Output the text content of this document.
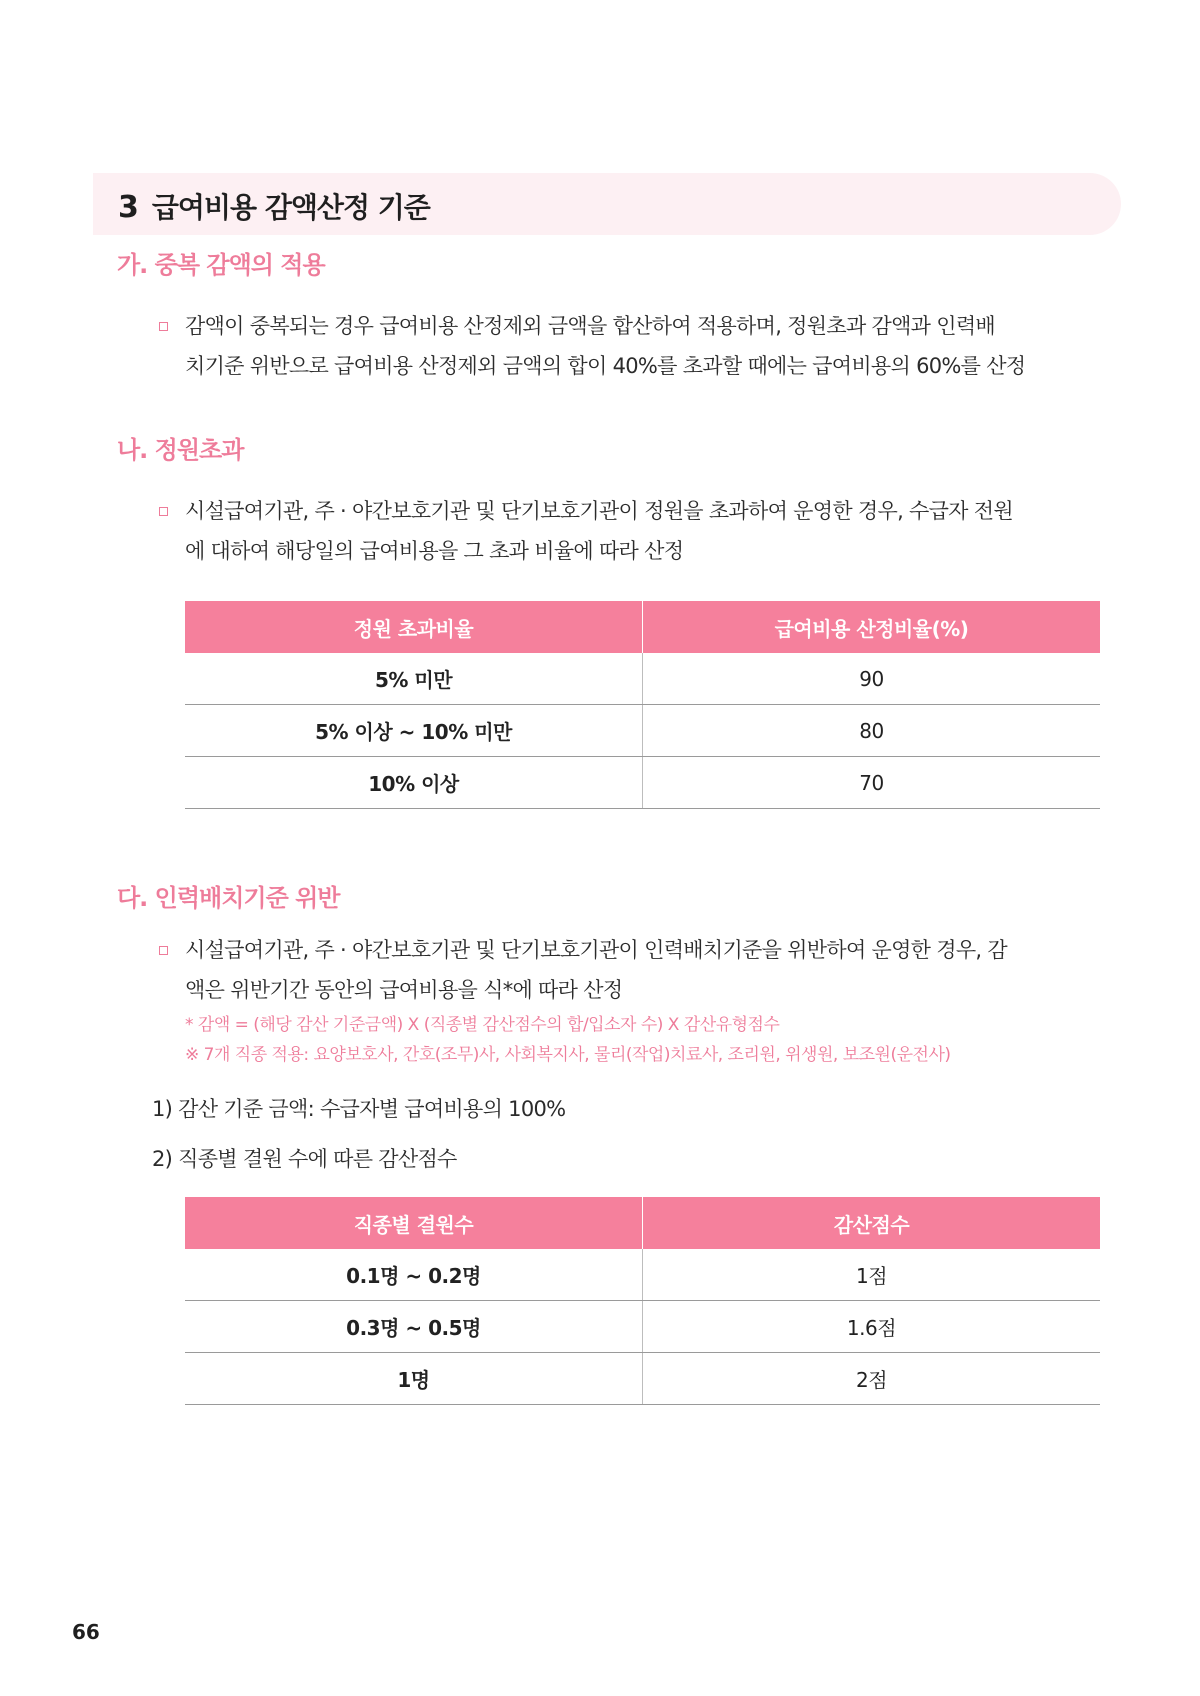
3 급여비용 감액산정 기준
가. 중복 감액의 적용

감액이 중복되는 경우 급여비용 산정제외 금액을 합산하여 적용하며, 정원초과 감액과 인력배
치기준 위반으로 급여비용 산정제외 금액의 합이 40%를 초과할 때에는 급여비용의 60%를 산정

나. 정원초과

시설급여기관, 주 · 야간보호기관 및 단기보호기관이 정원을 초과하여 운영한 경우, 수급자 전원
에 대하여 해당일의 급여비용을 그 초과 비율에 따라 산정

정원 초과비율	급여비용 산정비율(%)
5% 미만	90
5% 이상 ~ 10% 미만	80
10% 이상	70
다. 인력배치기준 위반

시설급여기관, 주 · 야간보호기관 및 단기보호기관이 인력배치기준을 위반하여 운영한 경우, 감
액은 위반기간 동안의 급여비용을 식*에 따라 산정

* 감액 = (해당 감산 기준금액) X (직종별 감산점수의 합/입소자 수) X 감산유형점수

※ 7개 직종 적용: 요양보호사, 간호(조무)사, 사회복지사, 물리(작업)치료사, 조리원, 위생원, 보조원(운전사)

1) 감산 기준 금액: 수급자별 급여비용의 100%

2) 직종별 결원 수에 따른 감산점수

직종별 결원수	감산점수
0.1명 ~ 0.2명	1점
0.3명 ~ 0.5명	1.6점
1명	2점

66
